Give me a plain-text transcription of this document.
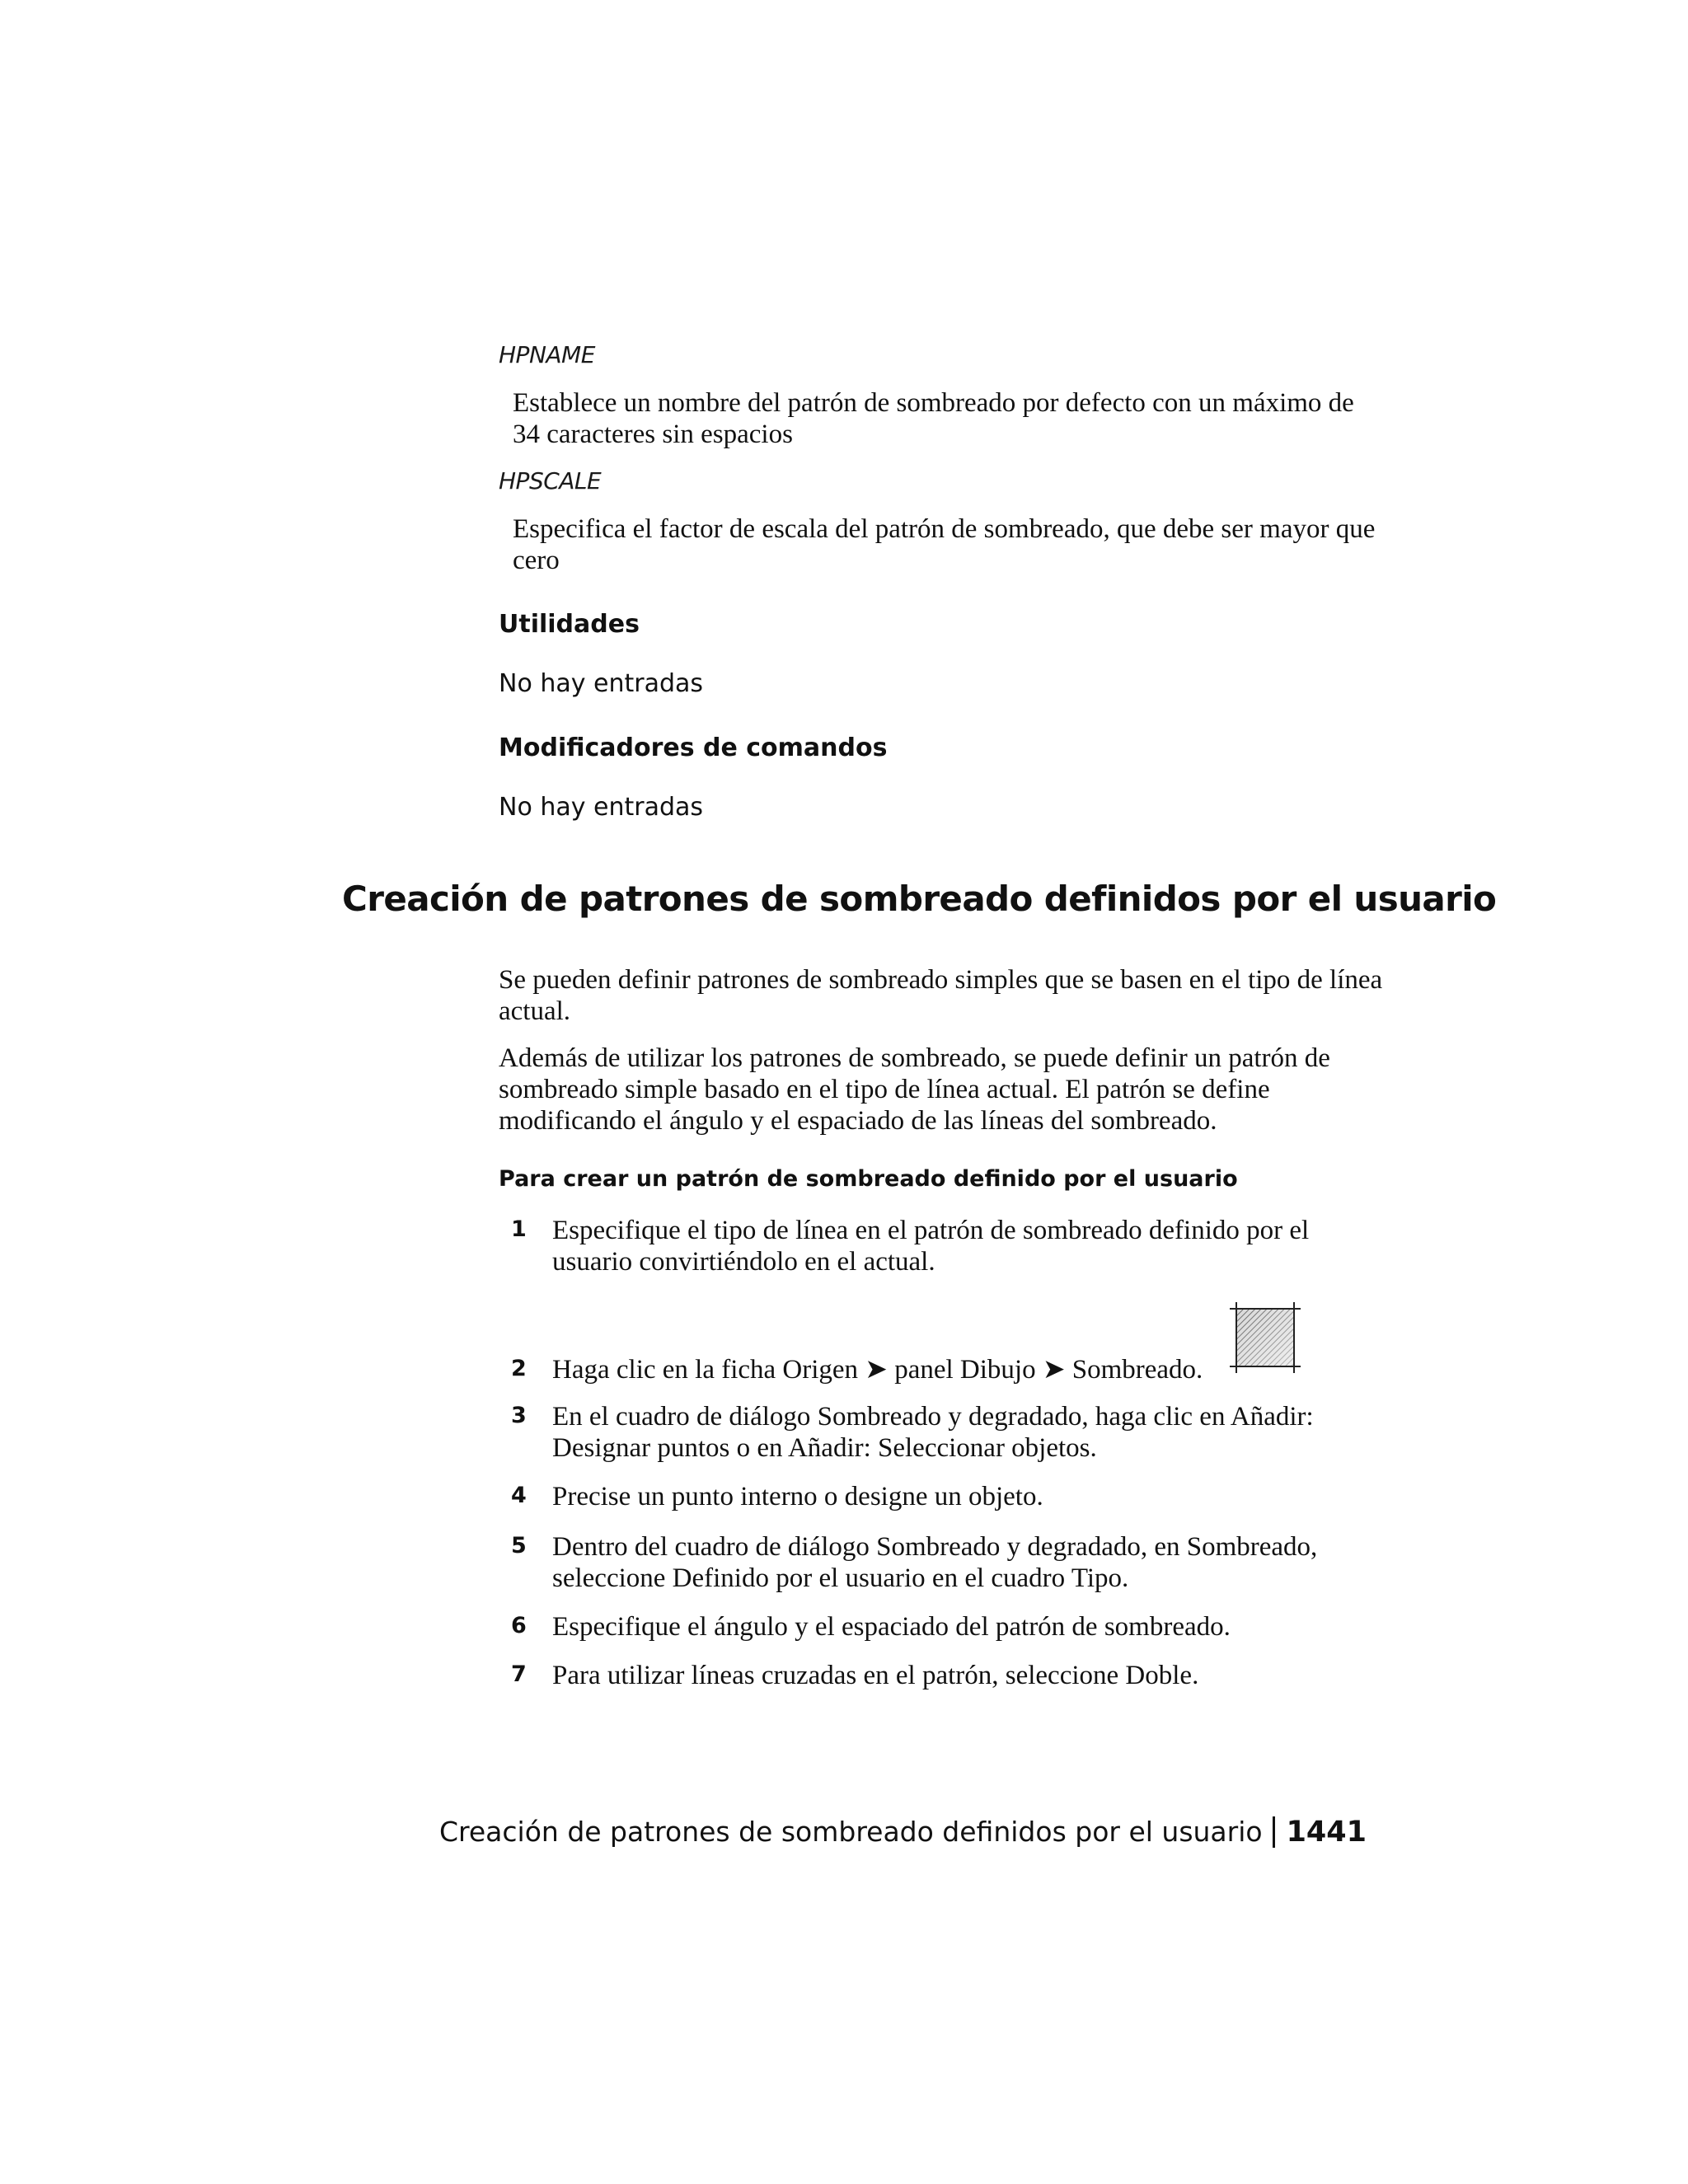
HPNAME
Establece un nombre del patrón de sombreado por defecto con un máximo de 34 caracteres sin espacios
HPSCALE
Especifica el factor de escala del patrón de sombreado, que debe ser mayor que cero
Utilidades
No hay entradas
Modificadores de comandos
No hay entradas
Creación de patrones de sombreado definidos por el usuario
Se pueden definir patrones de sombreado simples que se basen en el tipo de línea actual.
Además de utilizar los patrones de sombreado, se puede definir un patrón de sombreado simple basado en el tipo de línea actual. El patrón se define modificando el ángulo y el espaciado de las líneas del sombreado.
Para crear un patrón de sombreado definido por el usuario
1 Especifique el tipo de línea en el patrón de sombreado definido por el usuario convirtiéndolo en el actual.
2 Haga clic en la ficha Origen ➤ panel Dibujo ➤ Sombreado.
3 En el cuadro de diálogo Sombreado y degradado, haga clic en Añadir: Designar puntos o en Añadir: Seleccionar objetos.
4 Precise un punto interno o designe un objeto.
5 Dentro del cuadro de diálogo Sombreado y degradado, en Sombreado, seleccione Definido por el usuario en el cuadro Tipo.
6 Especifique el ángulo y el espaciado del patrón de sombreado.
7 Para utilizar líneas cruzadas en el patrón, seleccione Doble.
Creación de patrones de sombreado definidos por el usuario 1441
